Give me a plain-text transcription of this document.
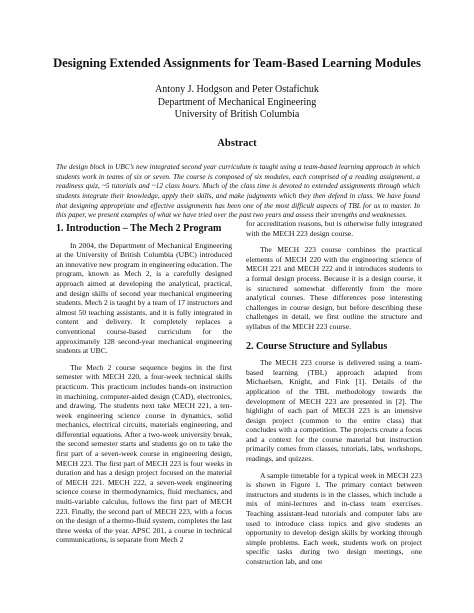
Designing Extended Assignments for Team-Based Learning Modules
Antony J. Hodgson and Peter Ostafichuk
Department of Mechanical Engineering
University of British Columbia
Abstract

The design block in UBC’s new integrated second year curriculum is taught using a team-based learning approach in which students work in teams of six or seven. The course is composed of six modules, each comprised of a reading assignment, a readiness quiz, ~5 tutorials and ~12 class hours. Much of the class time is devoted to extended assignments through which students integrate their knowledge, apply their skills, and make judgments which they then defend in class. We have found that designing appropriate and effective assignments has been one of the most difficult aspects of TBL for us to master. In this paper, we present examples of what we have tried over the past two years and assess their strengths and weaknesses.

1. Introduction – The Mech 2 Program

In 2004, the Department of Mechanical Engineering at the University of British Columbia (UBC) introduced an innovative new program in engineering education. The program, known as Mech 2, is a carefully designed approach aimed at developing the analytical, practical, and design skills of second year mechanical engineering students. Mech 2 is taught by a team of 17 instructors and almost 50 teaching assistants, and it is fully integrated in content and delivery. It completely replaces a conventional course-based curriculum for the approximately 128 second-year mechanical engineering students at UBC.

The Mech 2 course sequence begins in the first semester with MECH 220, a four-week technical skills practicum. This practicum includes hands-on instruction in machining, computer-aided design (CAD), electronics, and drawing. The students next take MECH 221, a ten-week engineering science course in dynamics, solid mechanics, electrical circuits, materials engineering, and differential equations. After a two-week university break, the second semester starts and students go on to take the first part of a seven-week course in engineering design, MECH 223. The first part of MECH 223 is four weeks in duration and has a design project focused on the material of MECH 221. MECH 222, a seven-week engineering science course in thermodynamics, fluid mechanics, and multi-variable calculus, follows the first part of MECH 223. Finally, the second part of MECH 223, with a focus on the design of a thermo-fluid system, completes the last three weeks of the year. APSC 201, a course in technical communications, is separate from Mech 2

for accreditation reasons, but is otherwise fully integrated with the MECH 223 design course.

The MECH 223 course combines the practical elements of MECH 220 with the engineering science of MECH 221 and MECH 222 and it introduces students to a formal design process. Because it is a design course, it is structured somewhat differently from the more analytical courses. These differences pose interesting challenges in course design, but before describing these challenges in detail, we first outline the structure and syllabus of the MECH 223 course.

2. Course Structure and Syllabus

The MECH 223 course is delivered using a team-based learning (TBL) approach adapted from Michaelsen, Knight, and Fink [1]. Details of the application of the TBL methodology towards the development of MECH 223 are presented in [2]. The highlight of each part of MECH 223 is an intensive design project (common to the entire class) that concludes with a competition. The projects create a focus and a context for the course material but instruction primarily comes from classes, tutorials, labs, workshops, readings, and quizzes.

A sample timetable for a typical week in MECH 223 is shown in Figure 1. The primary contact between instructors and students is in the classes, which include a mix of mini-lectures and in-class team exercises. Teaching assistant-lead tutorials and computer labs are used to introduce class topics and give students an opportunity to develop design skills by working through simple problems. Each week, students work on project specific tasks during two design meetings, one construction lab, and one
